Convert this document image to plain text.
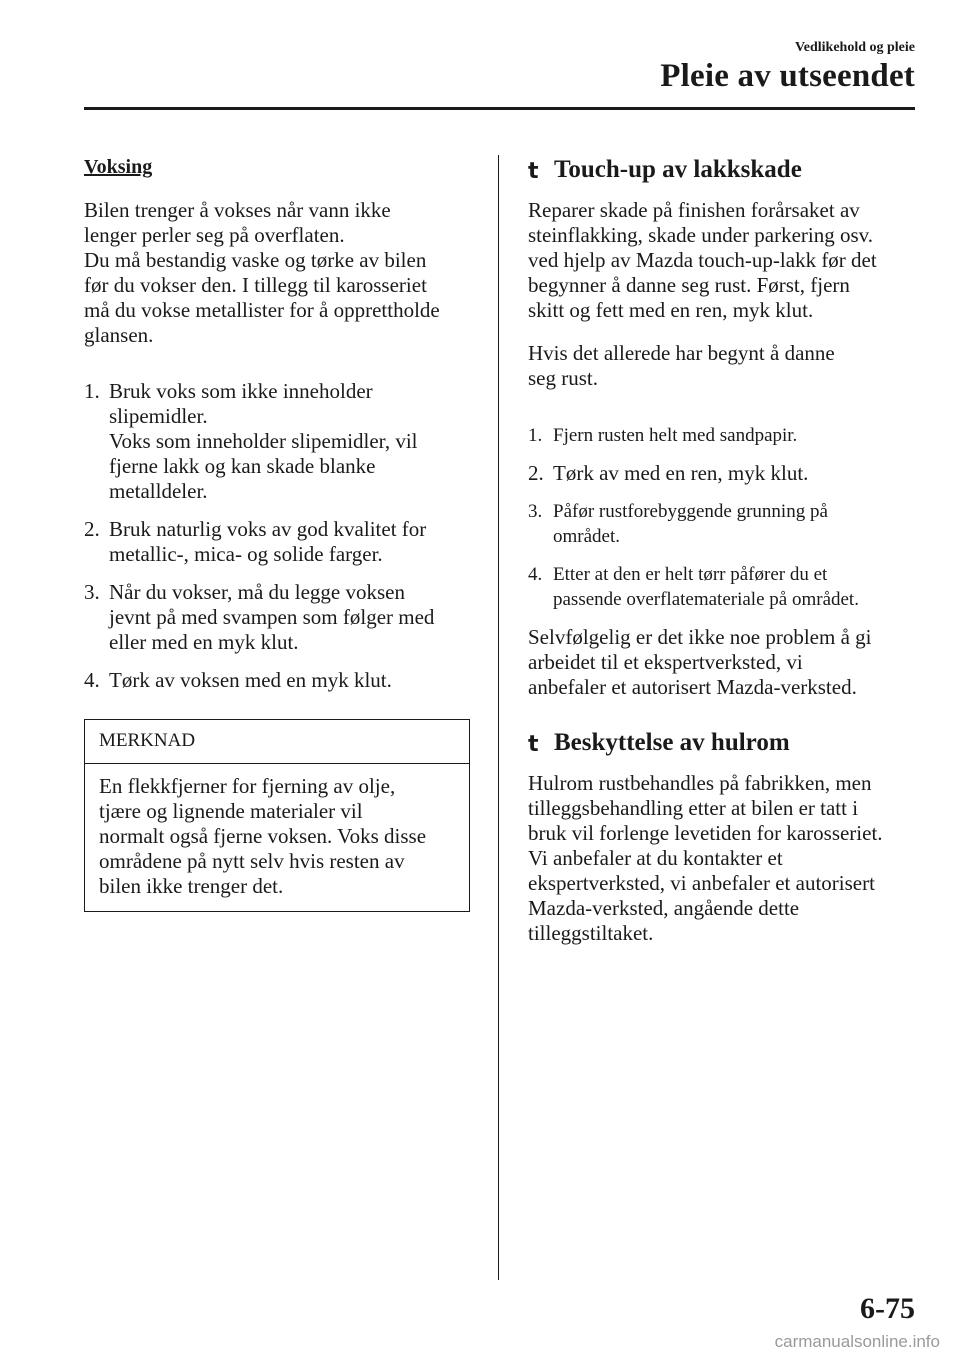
Vedlikehold og pleie
Pleie av utseendet
Voksing

Bilen trenger å vokses når vann ikke
lenger perler seg på overflaten.
Du må bestandig vaske og tørke av bilen
før du vokser den. I tillegg til karosseriet
må du vokse metallister for å opprettholde
glansen.

1. Bruk voks som ikke inneholder
slipemidler.
Voks som inneholder slipemidler, vil
fjerne lakk og kan skade blanke
metalldeler.
2. Bruk naturlig voks av god kvalitet for
metallic-, mica- og solide farger.
3. Når du vokser, må du legge voksen
jevnt på med svampen som følger med
eller med en myk klut.
4. Tørk av voksen med en myk klut.
MERKNAD
En flekkfjerner for fjerning av olje,
tjære og lignende materialer vil
normalt også fjerne voksen. Voks disse
områdene på nytt selv hvis resten av
bilen ikke trenger det.
t Touch-up av lakkskade

Reparer skade på finishen forårsaket av
steinflakking, skade under parkering osv.
ved hjelp av Mazda touch-up-lakk før det
begynner å danne seg rust. Først, fjern
skitt og fett med en ren, myk klut.

Hvis det allerede har begynt å danne
seg rust.

1. Fjern rusten helt med sandpapir.
2. Tørk av med en ren, myk klut.
3. Påfør rustforebyggende grunning på
området.
4. Etter at den er helt tørr påfører du et
passende overflatemateriale på området.

Selvfølgelig er det ikke noe problem å gi
arbeidet til et ekspertverksted, vi
anbefaler et autorisert Mazda-verksted.

t Beskyttelse av hulrom

Hulrom rustbehandles på fabrikken, men
tilleggsbehandling etter at bilen er tatt i
bruk vil forlenge levetiden for karosseriet.
Vi anbefaler at du kontakter et
ekspertverksted, vi anbefaler et autorisert
Mazda-verksted, angående dette
tilleggstiltaket.

6-75
carmanualsonline.info
